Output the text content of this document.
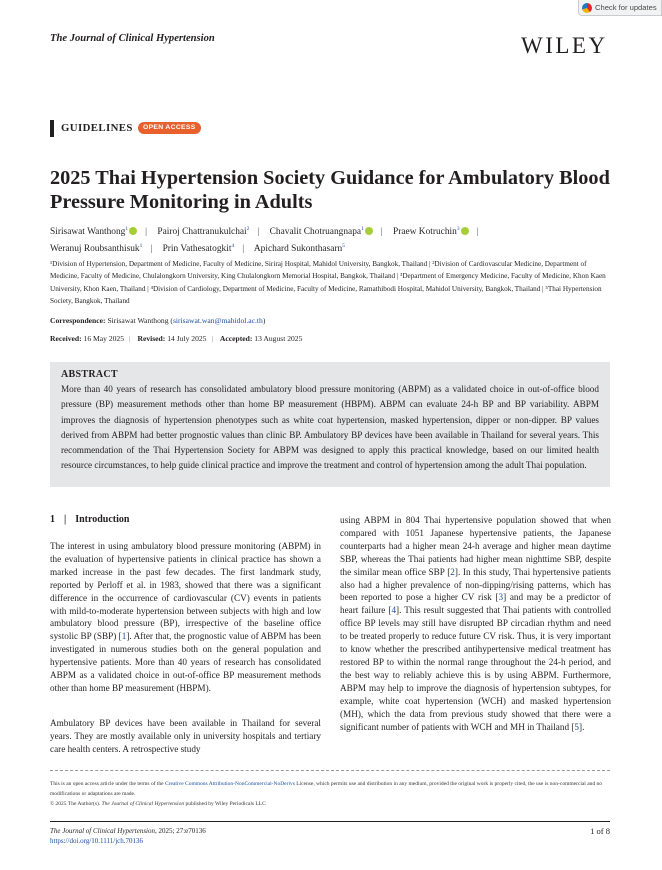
Check for updates
The Journal of Clinical Hypertension	WILEY
GUIDELINES	OPEN ACCESS
2025 Thai Hypertension Society Guidance for Ambulatory Blood Pressure Monitoring in Adults
Sirisawat Wanthong$^1$ | Pairoj Chattranukulchai$^2$ | Chavalit Chotruangnapa$^1$ | Praew Kotruchin$^3$ |
Weranuj Roubsanthisuk$^1$ | Prin Vathesatogkit$^4$ | Apichard Sukonthasarn$^5$
¹Division of Hypertension, Department of Medicine, Faculty of Medicine, Siriraj Hospital, Mahidol University, Bangkok, Thailand | ²Division of Cardiovascular Medicine, Department of Medicine, Faculty of Medicine, Chulalongkorn University, King Chulalongkorn Memorial Hospital, Bangkok, Thailand | ³Department of Emergency Medicine, Faculty of Medicine, Khon Kaen University, Khon Kaen, Thailand | ⁴Division of Cardiology, Department of Medicine, Faculty of Medicine, Ramathibodi Hospital, Mahidol University, Bangkok, Thailand | ⁵Thai Hypertension Society, Bangkok, Thailand
Correspondence: Sirisawat Wanthong (sirisawat.wan@mahidol.ac.th)
Received: 16 May 2025 | Revised: 14 July 2025 | Accepted: 13 August 2025
ABSTRACT
More than 40 years of research has consolidated ambulatory blood pressure monitoring (ABPM) as a validated choice in out-of-office blood pressure (BP) measurement methods other than home BP measurement (HBPM). ABPM can evaluate 24-h BP and BP variability. ABPM improves the diagnosis of hypertension phenotypes such as white coat hypertension, masked hypertension, dipper or non-dipper. BP values derived from ABPM had better prognostic values than clinic BP. Ambulatory BP devices have been available in Thailand for several years. This recommendation of the Thai Hypertension Society for ABPM was designed to apply this practical knowledge, based on our limited health resource circumstances, to help guide clinical practice and improve the treatment and control of hypertension among the adult Thai population.
1 | Introduction
The interest in using ambulatory blood pressure monitoring (ABPM) in the evaluation of hypertensive patients in clinical practice has shown a marked increase in the past few decades. The first landmark study, reported by Perloff et al. in 1983, showed that there was a significant difference in the occurrence of cardiovascular (CV) events in patients with mild-to-moderate hypertension between subjects with high and low ambulatory blood pressure (BP), irrespective of the baseline office systolic BP (SBP) [1]. After that, the prognostic value of ABPM has been investigated in numerous studies both on the general population and hypertensive patients. More than 40 years of research has consolidated ABPM as a validated choice in out-of-office BP measurement methods other than home BP measurement (HBPM).
Ambulatory BP devices have been available in Thailand for several years. They are mostly available only in university hospitals and tertiary care health centers. A retrospective study
using ABPM in 804 Thai hypertensive population showed that when compared with 1051 Japanese hypertensive patients, the Japanese counterparts had a higher mean 24-h average and higher mean daytime SBP, whereas the Thai patients had higher mean nighttime SBP, despite the similar mean office SBP [2]. In this study, Thai hypertensive patients also had a higher prevalence of non-dipping/rising patterns, which has been reported to pose a higher CV risk [3] and may be a predictor of heart failure [4]. This result suggested that Thai patients with controlled office BP levels may still have disrupted BP circadian rhythm and need to be treated properly to reduce future CV risk. Thus, it is very important to know whether the prescribed antihypertensive medical treatment has restored BP to within the normal range throughout the 24-h period, and the best way to reliably achieve this is by using ABPM. Furthermore, ABPM may help to improve the diagnosis of hypertension subtypes, for example, white coat hypertension (WCH) and masked hypertension (MH), which the data from previous study showed that there were a significant number of patients with WCH and MH in Thailand [5].
This is an open access article under the terms of the Creative Commons Attribution-NonCommercial-NoDerivs License, which permits use and distribution in any medium, provided the original work is properly cited, the use is non-commercial and no modifications or adaptations are made.
© 2025 The Author(s). The Journal of Clinical Hypertension published by Wiley Periodicals LLC
The Journal of Clinical Hypertension, 2025; 27:e70136
https://doi.org/10.1111/jch.70136
1 of 8
